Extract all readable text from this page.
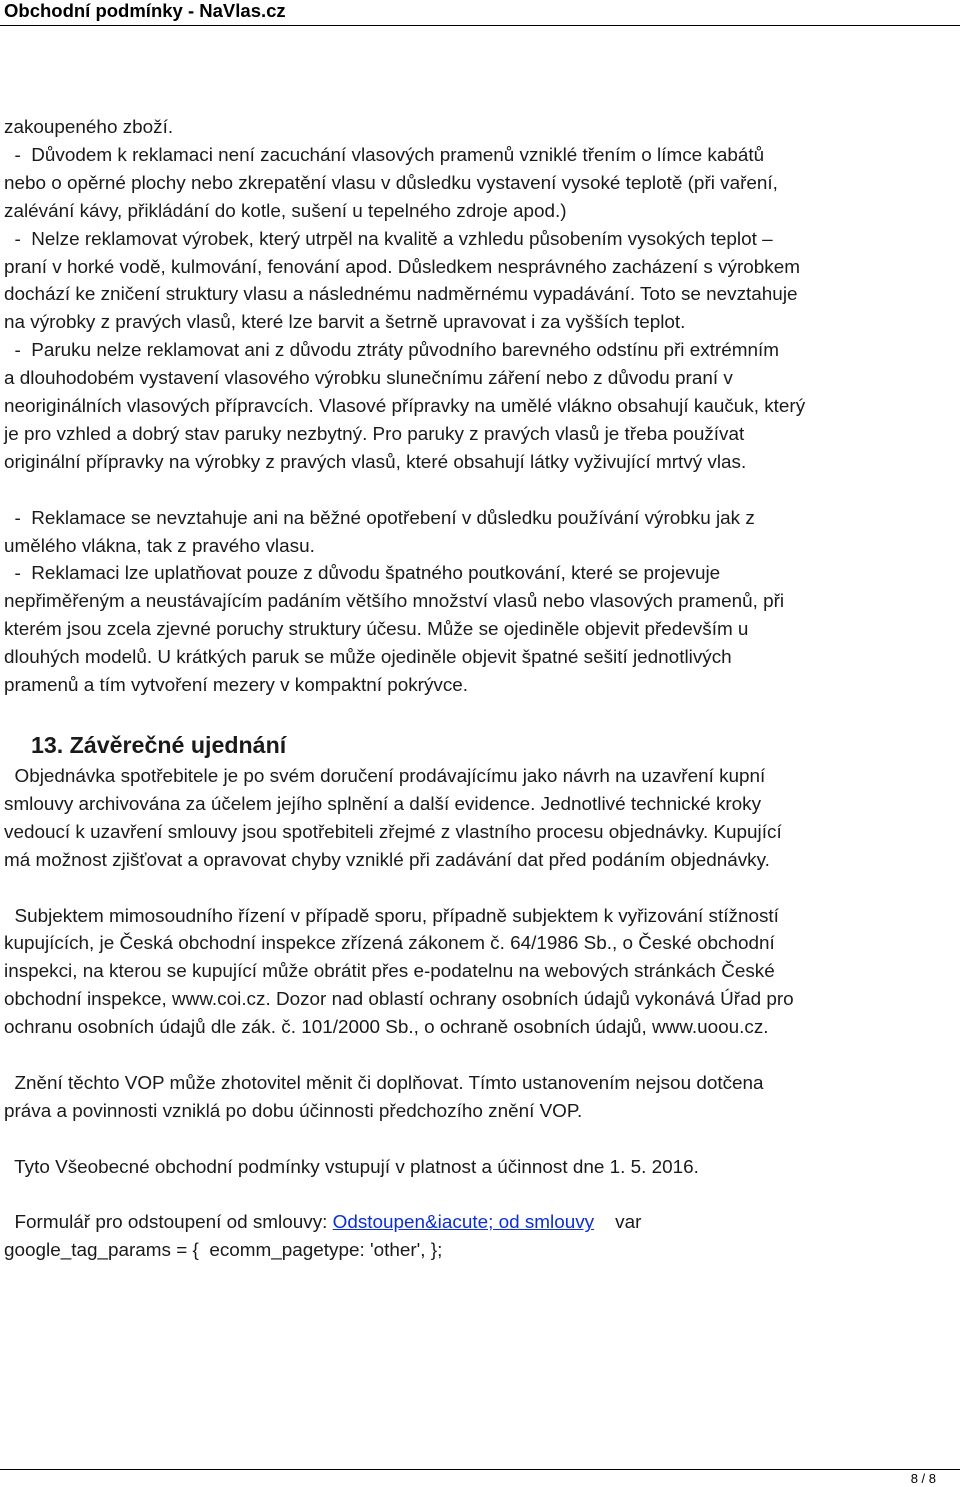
Obchodní podmínky - NaVlas.cz

zakoupeného zboží.

-  Důvodem k reklamaci není zacuchání vlasových pramenů vzniklé třením o límce kabátů

nebo o opěrné plochy nebo zkrepatění vlasu v důsledku vystavení vysoké teplotě (při vaření,

zalévání kávy, přikládání do kotle, sušení u tepelného zdroje apod.)

-  Nelze reklamovat výrobek, který utrpěl na kvalitě a vzhledu působením vysokých teplot –

praní v horké vodě, kulmování, fenování apod. Důsledkem nesprávného zacházení s výrobkem

dochází ke zničení struktury vlasu a následnému nadměrnému vypadávání. Toto se nevztahuje

na výrobky z pravých vlasů, které lze barvit a šetrně upravovat i za vyšších teplot.

-  Paruku nelze reklamovat ani z důvodu ztráty původního barevného odstínu při extrémním

a dlouhodobém vystavení vlasového výrobku slunečnímu záření nebo z důvodu praní v

neoriginálních vlasových přípravcích. Vlasové přípravky na umělé vlákno obsahují kaučuk, který

je pro vzhled a dobrý stav paruky nezbytný. Pro paruky z pravých vlasů je třeba používat

originální přípravky na výrobky z pravých vlasů, které obsahují látky vyživující mrtvý vlas.

-  Reklamace se nevztahuje ani na běžné opotřebení v důsledku používání výrobku jak z

umělého vlákna, tak z pravého vlasu.

-  Reklamaci lze uplatňovat pouze z důvodu špatného poutkování, které se projevuje

nepřiměřeným a neustávajícím padáním většího množství vlasů nebo vlasových pramenů, při

kterém jsou zcela zjevné poruchy struktury účesu. Může se ojediněle objevit především u

dlouhých modelů. U krátkých paruk se může ojediněle objevit špatné sešití jednotlivých

pramenů a tím vytvoření mezery v kompaktní pokrývce.

13. Závěrečné ujednání

Objednávka spotřebitele je po svém doručení prodávajícímu jako návrh na uzavření kupní

smlouvy archivována za účelem jejího splnění a další evidence. Jednotlivé technické kroky

vedoucí k uzavření smlouvy jsou spotřebiteli zřejmé z vlastního procesu objednávky. Kupující

má možnost zjišťovat a opravovat chyby vzniklé při zadávání dat před podáním objednávky.

Subjektem mimosoudního řízení v případě sporu, případně subjektem k vyřizování stížností

kupujících, je Česká obchodní inspekce zřízená zákonem č. 64/1986 Sb., o České obchodní

inspekci, na kterou se kupující může obrátit přes e-podatelnu na webových stránkách České

obchodní inspekce, www.coi.cz. Dozor nad oblastí ochrany osobních údajů vykonává Úřad pro

ochranu osobních údajů dle zák. č. 101/2000 Sb., o ochraně osobních údajů, www.uoou.cz.

Znění těchto VOP může zhotovitel měnit či doplňovat. Tímto ustanovením nejsou dotčena

práva a povinnosti vzniklá po dobu účinnosti předchozího znění VOP.

Tyto Všeobecné obchodní podmínky vstupují v platnost a účinnost dne 1. 5. 2016.

Formulář pro odstoupení od smlouvy: Odstoupen&iacute; od smlouvy    var

google_tag_params = {  ecomm_pagetype: 'other', };

8 / 8
